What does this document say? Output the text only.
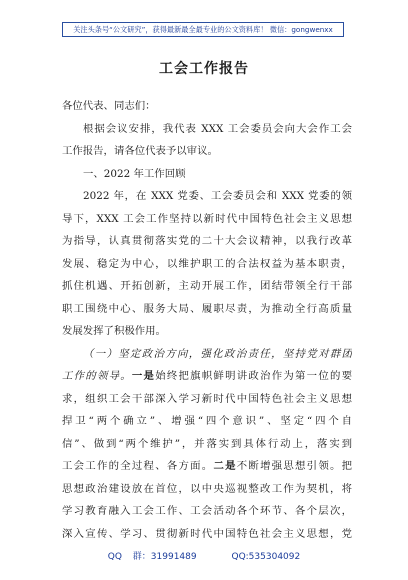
关注头条号“公文研究”，获得最新最全最专业的公文资料库！ 微信：gongwenxx
工会工作报告
各位代表、同志们：
根据会议安排，我代表 XXX 工会委员会向大会作工会
工作报告，请各位代表予以审议。
一、2022 年工作回顾
2022 年，在 XXX 党委、工会委员会和 XXX 党委的领
导下，XXX 工会工作坚持以新时代中国特色社会主义思想
为指导，认真贯彻落实党的二十大会议精神，以我行改革
发展、稳定为中心，以维护职工的合法权益为基本职责，
抓住机遇、开拓创新，主动开展工作，团结带领全行干部
职工围绕中心、服务大局、履职尽责，为推动全行高质量
发展发挥了积极作用。
（一）坚定政治方向，强化政治责任，坚持党对群团
工作的领导。一是始终把旗帜鲜明讲政治作为第一位的要
求，组织工会干部深入学习新时代中国特色社会主义思想
捍卫“两个确立”、增强“四个意识”、坚定“四个自
信”、做到“两个维护”，并落实到具体行动上，落实到
工会工作的全过程、各方面。二是不断增强思想引领。把
思想政治建设放在首位，以中央巡视整改工作为契机，将
学习教育融入工会工作、工会活动各个环节、各个层次，
深入宣传、学习、贯彻新时代中国特色社会主义思想，党
QQ 群：31991489	QQ:535304092
